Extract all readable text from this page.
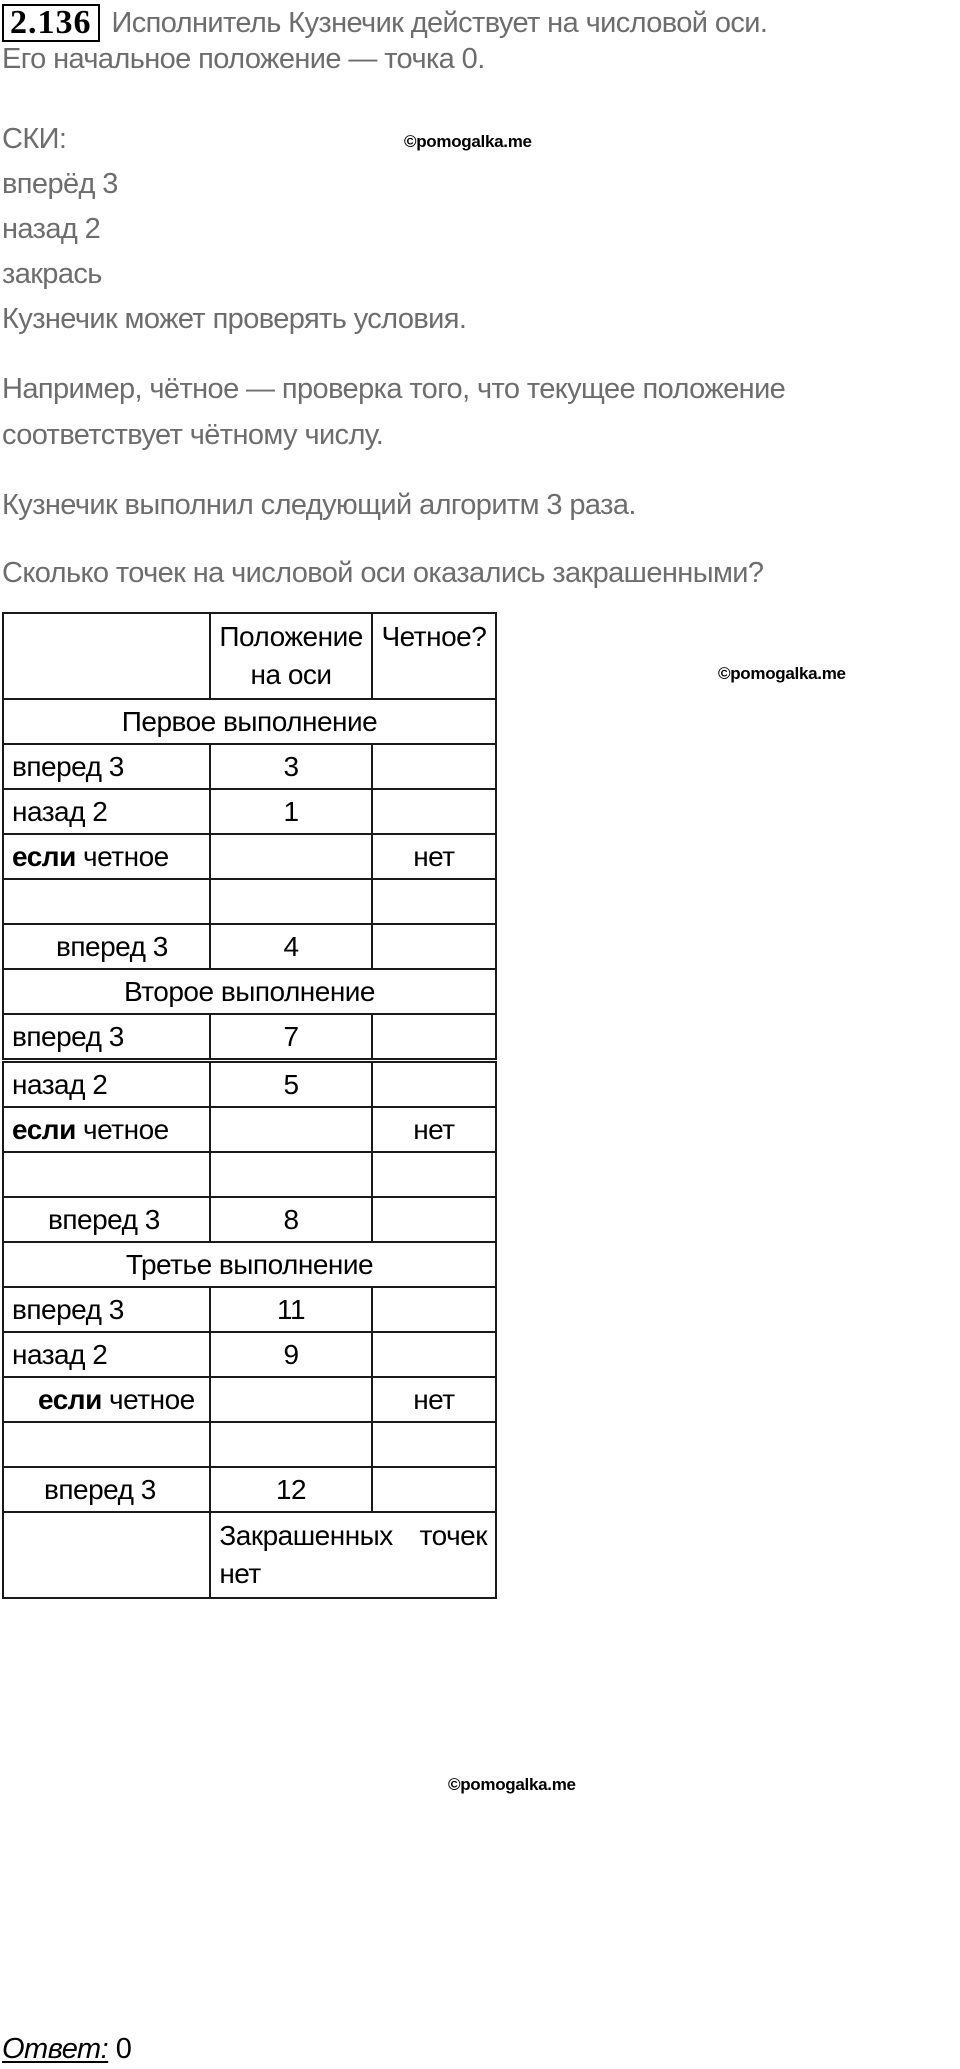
2.136 Исполнитель Кузнечик действует на числовой оси.
Его начальное положение — точка 0.
СКИ:	©pomogalka.me
вперёд 3
назад 2
закрась
Кузнечик может проверять условия.
Например, чётное — проверка того, что текущее положение
соответствует чётному числу.
Кузнечик выполнил следующий алгоритм 3 раза.
Сколько точек на числовой оси оказались закрашенными?
©pomogalka.me
	Положение
на оси	Четное?
Первое выполнение		
вперед 3	3	
назад 2	1	
если четное		нет

вперед 3	4	
Второе выполнение		
вперед 3	7	
назад 2	5	
если четное		нет

вперед 3	8	
Третье выполнение		
вперед 3	11	
назад 2	9	
если четное		нет

вперед 3	12	

	Закрашенных точек
нет	
©pomogalka.me
Ответ: 0
